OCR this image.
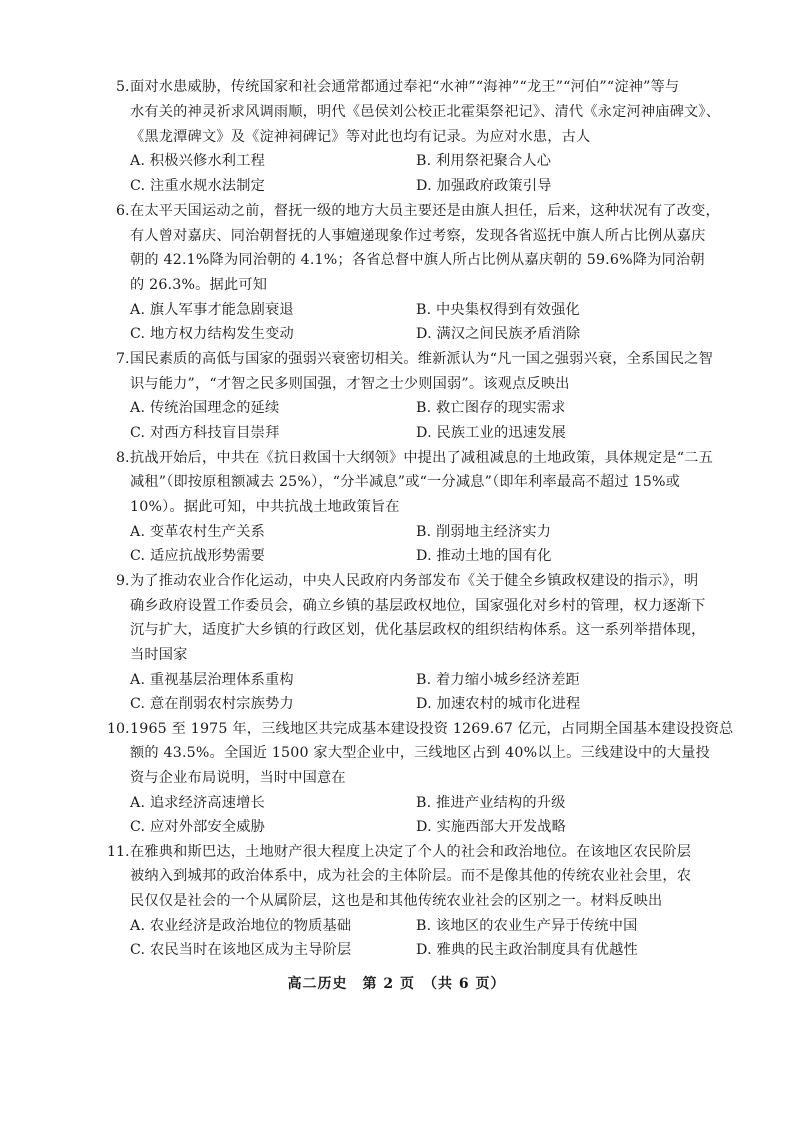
5. 面对水患威胁，传统国家和社会通常都通过奉祀“水神”“海神”“龙王”“河伯”“淀神”等与
水有关的神灵祈求风调雨顺，明代《邑侯刘公校正北霍渠祭祀记》、清代《永定河神庙碑文》、
《黑龙潭碑文》及《淀神祠碑记》等对此也均有记录。为应对水患，古人
A. 积极兴修水利工程	B. 利用祭祀聚合人心
C. 注重水规水法制定	D. 加强政府政策引导
6. 在太平天国运动之前，督抚一级的地方大员主要还是由旗人担任，后来，这种状况有了改变，
有人曾对嘉庆、同治朝督抚的人事嬗递现象作过考察，发现各省巡抚中旗人所占比例从嘉庆
朝的 42.1%降为同治朝的 4.1%；各省总督中旗人所占比例从嘉庆朝的 59.6%降为同治朝
的 26.3%。据此可知
A. 旗人军事才能急剧衰退	B. 中央集权得到有效强化
C. 地方权力结构发生变动	D. 满汉之间民族矛盾消除
7. 国民素质的高低与国家的强弱兴衰密切相关。维新派认为“凡一国之强弱兴衰，全系国民之智
识与能力”，“才智之民多则国强，才智之士少则国弱”。该观点反映出
A. 传统治国理念的延续	B. 救亡图存的现实需求
C. 对西方科技盲目崇拜	D. 民族工业的迅速发展
8. 抗战开始后，中共在《抗日救国十大纲领》中提出了减租减息的土地政策，具体规定是“二五
减租”（即按原租额减去 25%），“分半减息”或“一分减息”（即年利率最高不超过 15%或
10%）。据此可知，中共抗战土地政策旨在
A. 变革农村生产关系	B. 削弱地主经济实力
C. 适应抗战形势需要	D. 推动土地的国有化
9. 为了推动农业合作化运动，中央人民政府内务部发布《关于健全乡镇政权建设的指示》，明
确乡政府设置工作委员会，确立乡镇的基层政权地位，国家强化对乡村的管理，权力逐渐下
沉与扩大，适度扩大乡镇的行政区划，优化基层政权的组织结构体系。这一系列举措体现，
当时国家
A. 重视基层治理体系重构	B. 着力缩小城乡经济差距
C. 意在削弱农村宗族势力	D. 加速农村的城市化进程
10. 1965 至 1975 年，三线地区共完成基本建设投资 1269.67 亿元，占同期全国基本建设投资总
额的 43.5%。全国近 1500 家大型企业中，三线地区占到 40%以上。三线建设中的大量投
资与企业布局说明，当时中国意在
A. 追求经济高速增长	B. 推进产业结构的升级
C. 应对外部安全威胁	D. 实施西部大开发战略
11. 在雅典和斯巴达，土地财产很大程度上决定了个人的社会和政治地位。在该地区农民阶层
被纳入到城邦的政治体系中，成为社会的主体阶层。而不是像其他的传统农业社会里，农
民仅仅是社会的一个从属阶层，这也是和其他传统农业社会的区别之一。材料反映出
A. 农业经济是政治地位的物质基础	B. 该地区的农业生产异于传统中国
C. 农民当时在该地区成为主导阶层	D. 雅典的民主政治制度具有优越性
高二历史　第 2 页　（共 6 页）
